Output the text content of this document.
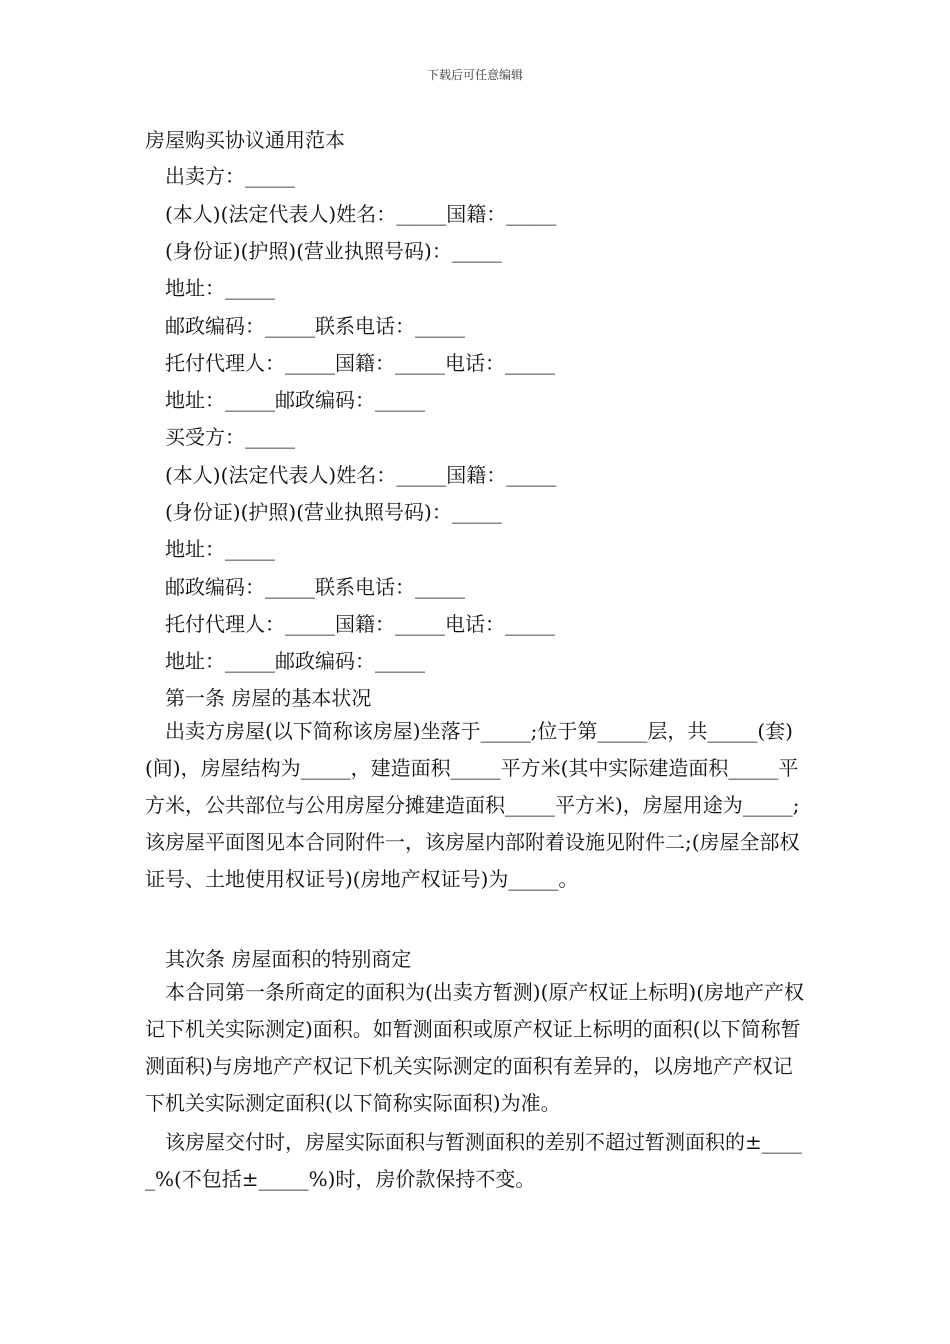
下载后可任意编辑
房屋购买协议通用范本
出卖方：_____
(本人)(法定代表人)姓名：_____国籍：_____
(身份证)(护照)(营业执照号码)：_____
地址：_____
邮政编码：_____联系电话：_____
托付代理人：_____国籍：_____电话：_____
地址：_____邮政编码：_____
买受方：_____
(本人)(法定代表人)姓名：_____国籍：_____
(身份证)(护照)(营业执照号码)：_____
地址：_____
邮政编码：_____联系电话：_____
托付代理人：_____国籍：_____电话：_____
地址：_____邮政编码：_____
第一条 房屋的基本状况
出卖方房屋(以下简称该房屋)坐落于_____;位于第_____层，共_____(套)(间)，房屋结构为_____，建造面积_____平方米(其中实际建造面积_____平方米，公共部位与公用房屋分摊建造面积_____平方米)，房屋用途为_____;该房屋平面图见本合同附件一，该房屋内部附着设施见附件二;(房屋全部权证号、土地使用权证号)(房地产权证号)为_____。
其次条 房屋面积的特别商定
本合同第一条所商定的面积为(出卖方暂测)(原产权证上标明)(房地产产权记下机关实际测定)面积。如暂测面积或原产权证上标明的面积(以下简称暂测面积)与房地产产权记下机关实际测定的面积有差异的，以房地产产权记下机关实际测定面积(以下简称实际面积)为准。
该房屋交付时，房屋实际面积与暂测面积的差别不超过暂测面积的±_____%(不包括±_____%)时，房价款保持不变。
